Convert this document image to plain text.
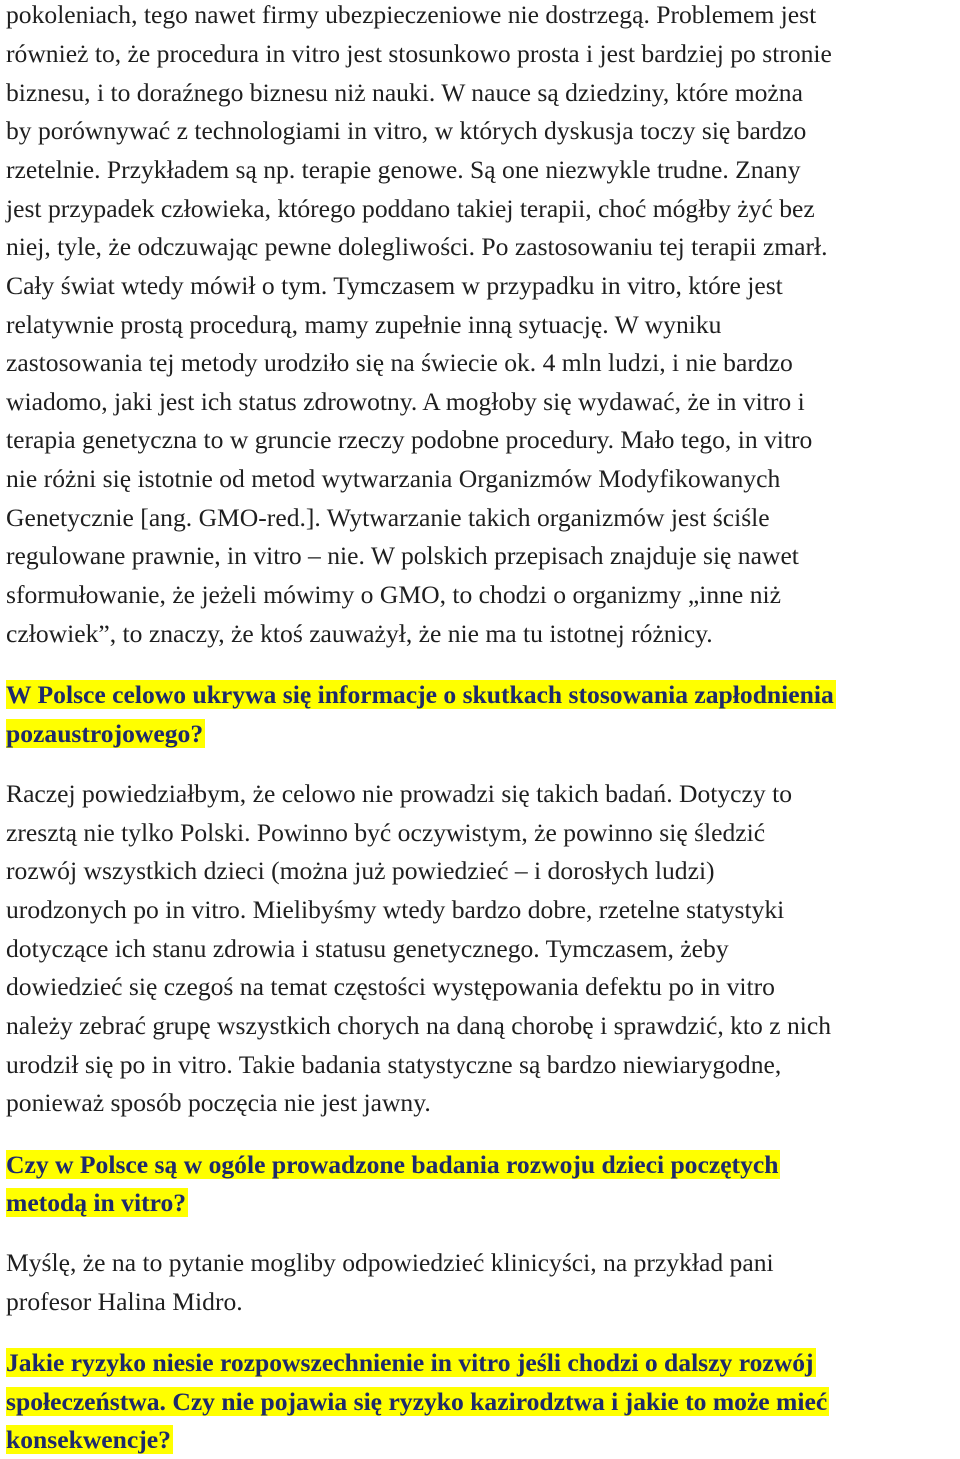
pokoleniach, tego nawet firmy ubezpieczeniowe nie dostrzegą. Problemem jest
również to, że procedura in vitro jest stosunkowo prosta i jest bardziej po stronie
biznesu, i to doraźnego biznesu niż nauki. W nauce są dziedziny, które można
by porównywać z technologiami in vitro, w których dyskusja toczy się bardzo
rzetelnie. Przykładem są np. terapie genowe. Są one niezwykle trudne. Znany
jest przypadek człowieka, którego poddano takiej terapii, choć mógłby żyć bez
niej, tyle, że odczuwając pewne dolegliwości. Po zastosowaniu tej terapii zmarł.
Cały świat wtedy mówił o tym. Tymczasem w przypadku in vitro, które jest
relatywnie prostą procedurą, mamy zupełnie inną sytuację. W wyniku
zastosowania tej metody urodziło się na świecie ok. 4 mln ludzi, i nie bardzo
wiadomo, jaki jest ich status zdrowotny. A mogłoby się wydawać, że in vitro i
terapia genetyczna to w gruncie rzeczy podobne procedury. Mało tego, in vitro
nie różni się istotnie od metod wytwarzania Organizmów Modyfikowanych
Genetycznie [ang. GMO-red.]. Wytwarzanie takich organizmów jest ściśle
regulowane prawnie, in vitro – nie. W polskich przepisach znajduje się nawet
sformułowanie, że jeżeli mówimy o GMO, to chodzi o organizmy „inne niż
człowiek”, to znaczy, że ktoś zauważył, że nie ma tu istotnej różnicy.
W Polsce celowo ukrywa się informacje o skutkach stosowania zapłodnienia
pozaustrojowego?
Raczej powiedziałbym, że celowo nie prowadzi się takich badań. Dotyczy to
zresztą nie tylko Polski. Powinno być oczywistym, że powinno się śledzić
rozwój wszystkich dzieci (można już powiedzieć – i dorosłych ludzi)
urodzonych po in vitro. Mielibyśmy wtedy bardzo dobre, rzetelne statystyki
dotyczące ich stanu zdrowia i statusu genetycznego. Tymczasem, żeby
dowiedzieć się czegoś na temat częstości występowania defektu po in vitro
należy zebrać grupę wszystkich chorych na daną chorobę i sprawdzić, kto z nich
urodził się po in vitro. Takie badania statystyczne są bardzo niewiarygodne,
ponieważ sposób poczęcia nie jest jawny.
Czy w Polsce są w ogóle prowadzone badania rozwoju dzieci poczętych
metodą in vitro?
Myślę, że na to pytanie mogliby odpowiedzieć klinicyści, na przykład pani
profesor Halina Midro.
Jakie ryzyko niesie rozpowszechnienie in vitro jeśli chodzi o dalszy rozwój
społeczeństwa. Czy nie pojawia się ryzyko kazirodztwa i jakie to może mieć
konsekwencje?
